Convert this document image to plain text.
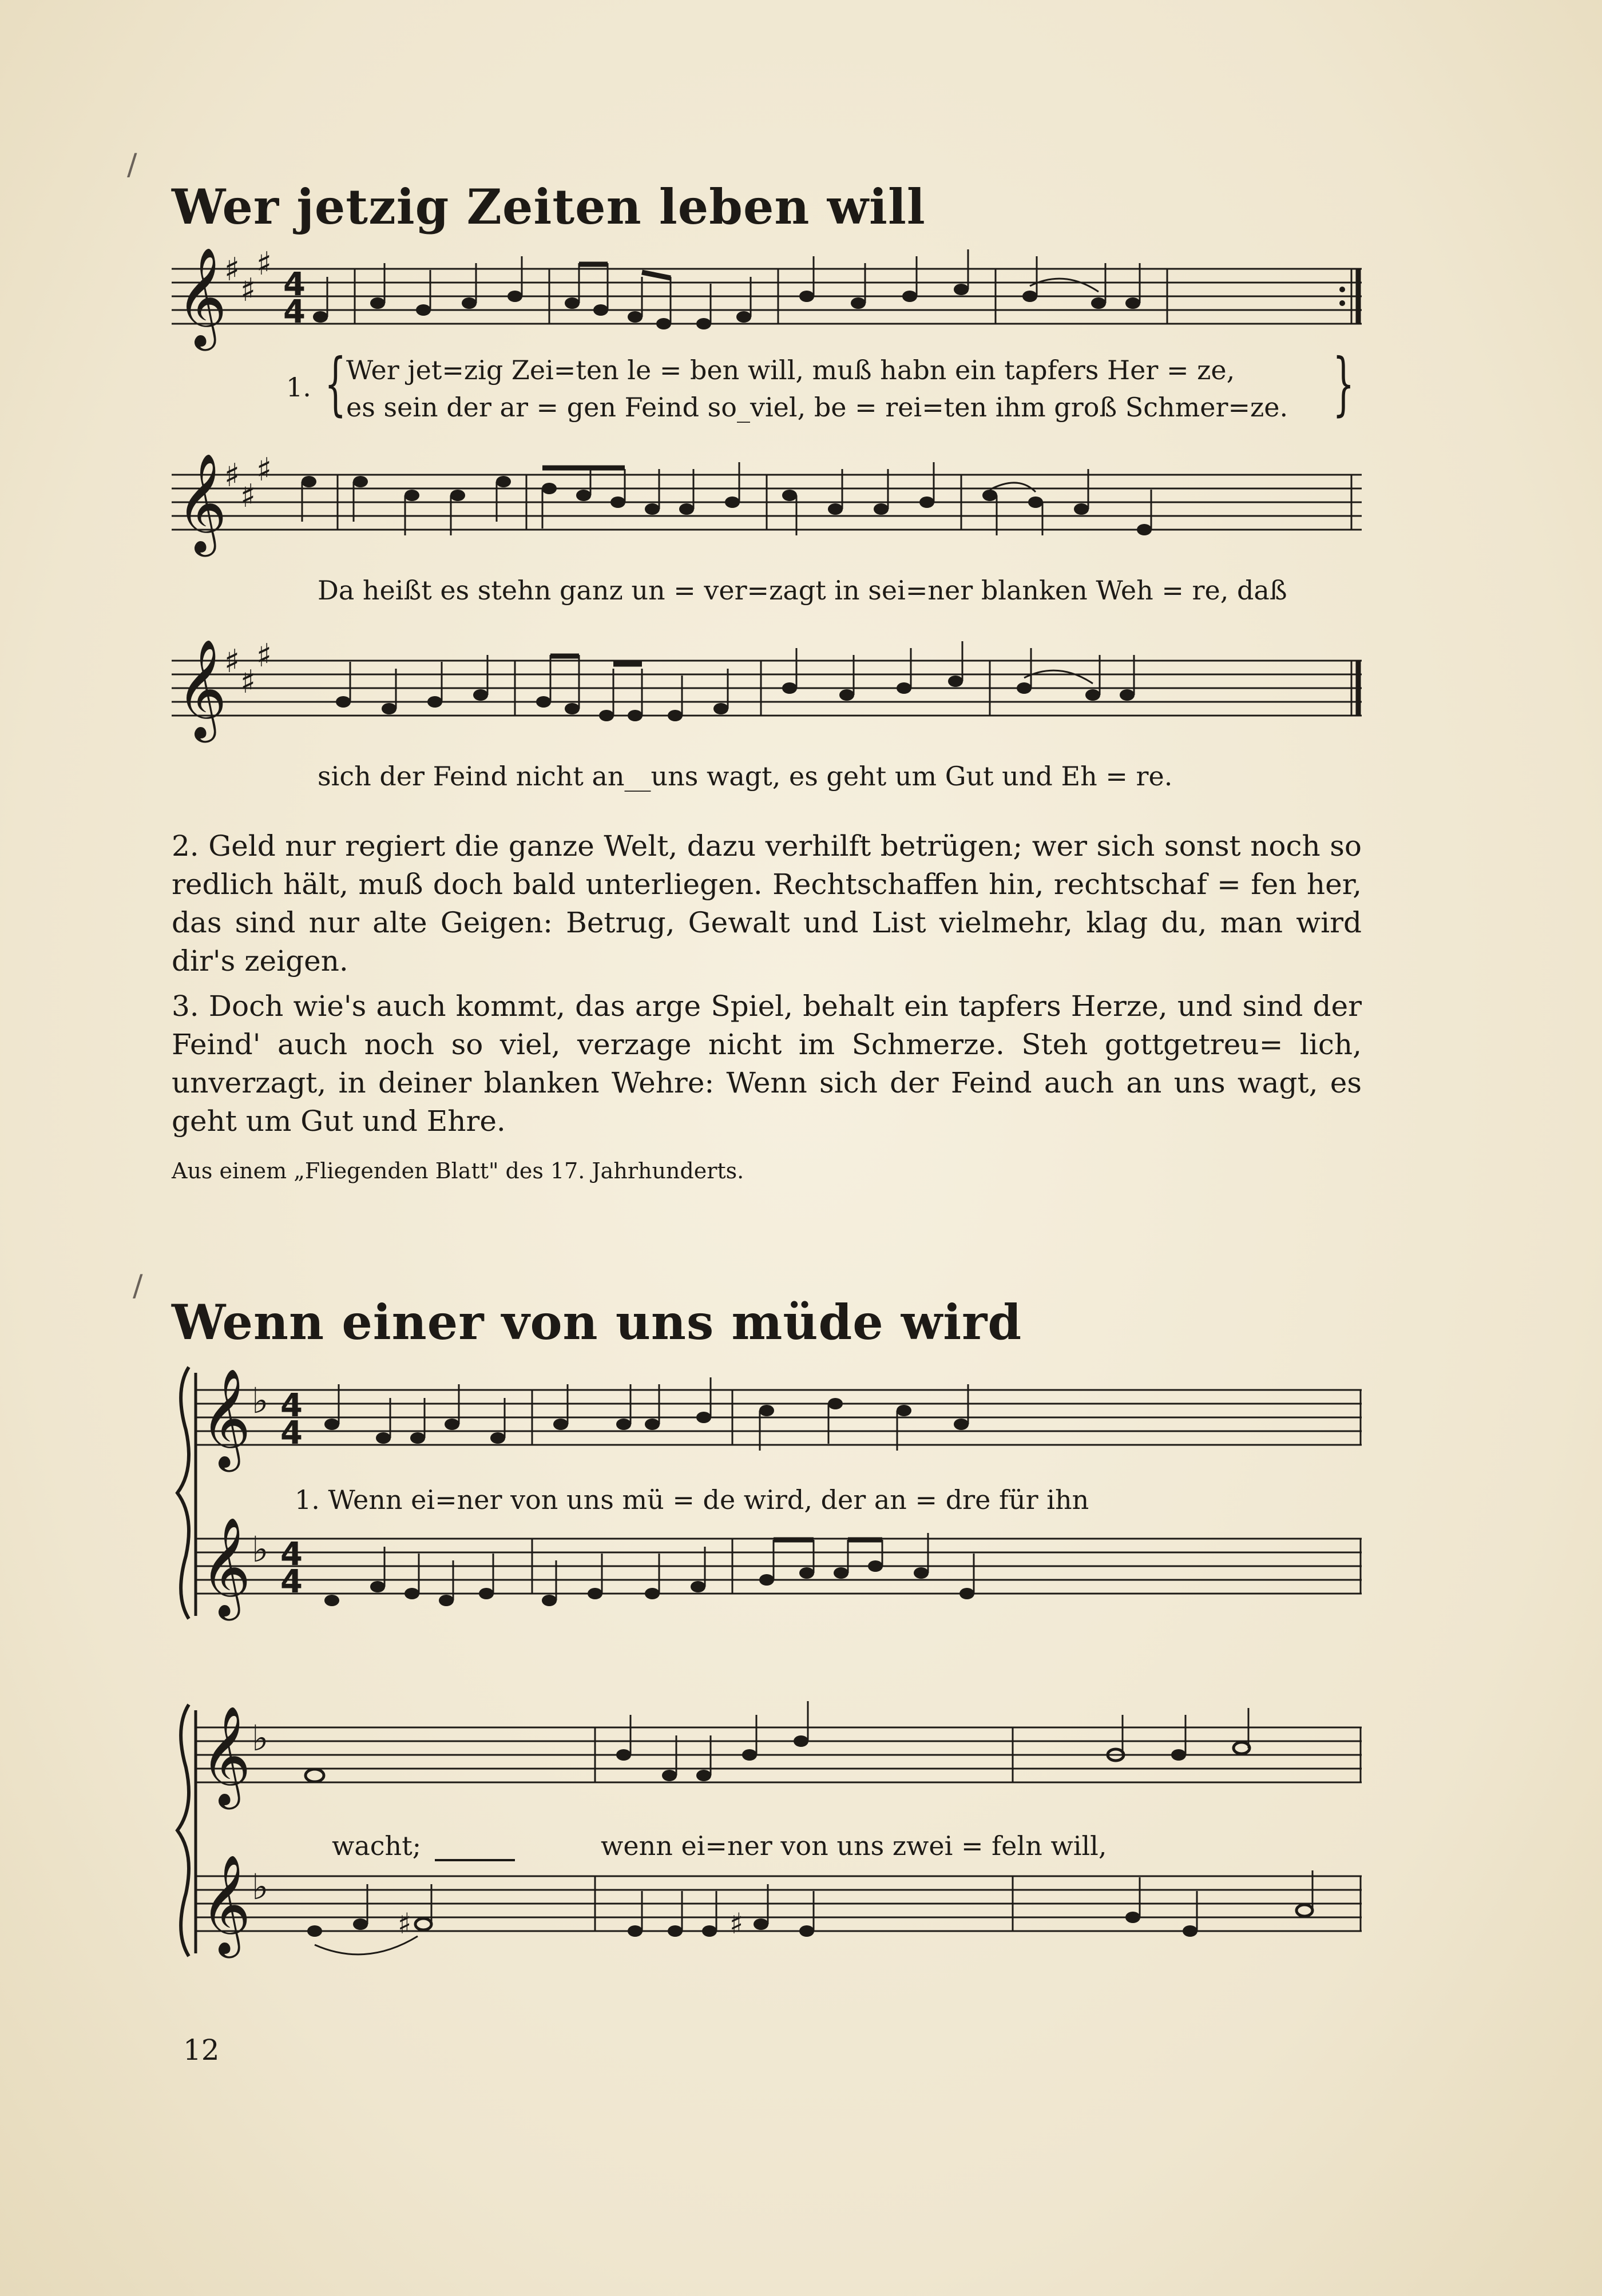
/
Wer jetzig Zeiten leben will
𝄞
♯
♯
♯
4
4
1. { Wer jet=zig Zei=ten le = ben will, muß habn ein tapfers Her = ze,
es sein der ar = gen Feind so_viel, be = rei=ten ihm groß Schmer=ze. }
𝄞
♯
♯
♯
Da heißt es stehn ganz un = ver=zagt in sei=ner blanken Weh = re, daß
𝄞
♯
♯
♯
sich der Feind nicht an__uns wagt, es geht um Gut und Eh = re.
2. Geld nur regiert die ganze Welt, dazu verhilft betrügen; wer sich sonst noch so redlich hält, muß doch bald unterliegen. Rechtschaffen hin, rechtschaf = fen her, das sind nur alte Geigen: Betrug, Gewalt und List vielmehr, klag du, man wird dir's zeigen.
3. Doch wie's auch kommt, das arge Spiel, behalt ein tapfers Herze, und sind der Feind' auch noch so viel, verzage nicht im Schmerze. Steh gottgetreu= lich, unverzagt, in deiner blanken Wehre: Wenn sich der Feind auch an uns wagt, es geht um Gut und Ehre.
Aus einem „Fliegenden Blatt" des 17. Jahrhunderts.
/
Wenn einer von uns müde wird
𝄞
𝄞
♭
♭
4
4
4
4
1. Wenn ei=ner von uns mü = de wird, der an = dre für ihn
𝄞
𝄞
♭
♭
♯	♯
wacht;	wenn ei=ner von uns zwei = feln will,
12
